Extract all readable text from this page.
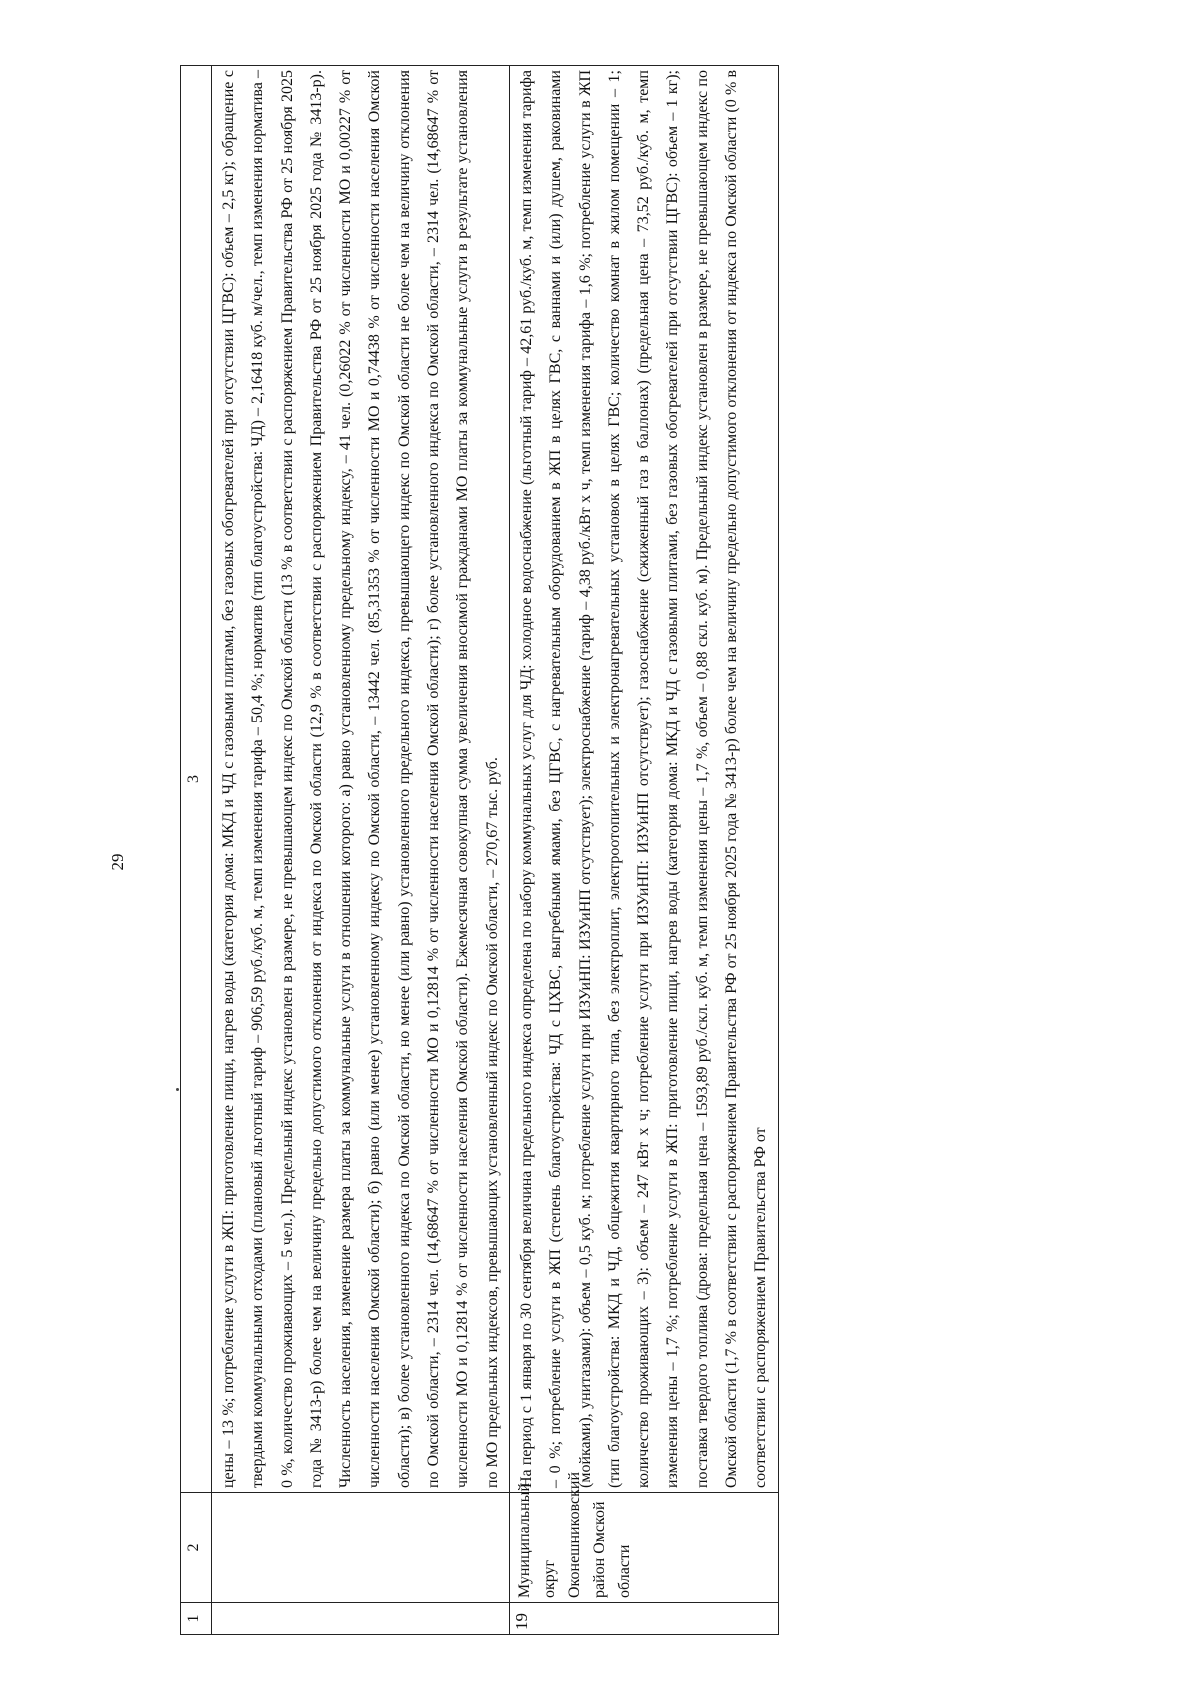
29
1	2	3

		цены – 13 %; потребление услуги в ЖП: приготовление пищи, нагрев воды (категория дома: МКД и ЧД с газовыми плитами, без газовых обогревателей при отсутствии ЦГВС): объем – 2,5 кг); обращение с твердыми коммунальными отходами (плановый льготный тариф – 906,59 руб./куб. м, темп изменения тарифа – 50,4 %; норматив (тип благоустройства: ЧД) – 2,16418 куб. м/чел., темп изменения норматива – 0 %, количество проживающих – 5 чел.). Предельный индекс установлен в размере, не превышающем индекс по Омской области (13 % в соответствии с распоряжением Правительства РФ от 25 ноября 2025 года № 3413-р) более чем на величину предельно допустимого отклонения от индекса по Омской области (12,9 % в соответствии с распоряжением Правительства РФ от 25 ноября 2025 года № 3413-р). Численность населения, изменение размера платы за коммунальные услуги в отношении которого: а) равно установленному предельному индексу, – 41 чел. (0,26022 % от численности МО и 0,00227 % от численности населения Омской области); б) равно (или менее) установленному индексу по Омской области, – 13442 чел. (85,31353 % от численности МО и 0,74438 % от численности населения Омской области); в) более установленного индекса по Омской области, но менее (или равно) установленного предельного индекса, превышающего индекс по Омской области не более чем на величину отклонения по Омской области, – 2314 чел. (14,68647 % от численности МО и 0,12814 % от численности населения Омской области); г) более установленного индекса по Омской области, – 2314 чел. (14,68647 % от численности МО и 0,12814 % от численности населения Омской области). Ежемесячная совокупная сумма увеличения вносимой гражданами МО платы за коммунальные услуги в результате установления по МО предельных индексов, превышающих установленный индекс по Омской области, – 270,67 тыс. руб.

19	Муниципальный округ Оконешниковский район Омской области	На период с 1 января по 30 сентября величина предельного индекса определена по набору коммунальных услуг для ЧД: холодное водоснабжение (льготный тариф – 42,61 руб./куб. м, темп изменения тарифа – 0 %; потребление услуги в ЖП (степень благоустройства: ЧД с ЦХВС, выгребными ямами, без ЦГВС, с нагревательным оборудованием в ЖП в целях ГВС, с ваннами и (или) душем, раковинами (мойками), унитазами): объем – 0,5 куб. м; потребление услуги при ИЗУиНП: ИЗУиНП отсутствует); электроснабжение (тариф – 4,38 руб./кВт х ч, темп изменения тарифа – 1,6 %; потребление услуги в ЖП (тип благоустройства: МКД и ЧД, общежития квартирного типа, без электроплит, электроотопительных и электронагревательных установок в целях ГВС; количество комнат в жилом помещении – 1; количество проживающих – 3): объем – 247 кВт х ч; потребление услуги при ИЗУиНП: ИЗУиНП отсутствует); газоснабжение (сжиженный газ в баллонах) (предельная цена – 73,52 руб./куб. м, темп изменения цены – 1,7 %; потребление услуги в ЖП: приготовление пищи, нагрев воды (категория дома: МКД и ЧД с газовыми плитами, без газовых обогревателей при отсутствии ЦГВС): объем – 1 кг); поставка твердого топлива (дрова: предельная цена – 1593,89 руб./скл. куб. м, темп изменения цены – 1,7 %, объем – 0,88 скл. куб. м). Предельный индекс установлен в размере, не превышающем индекс по Омской области (1,7 % в соответствии с распоряжением Правительства РФ от 25 ноября 2025 года № 3413-р) более чем на величину предельно допустимого отклонения от индекса по Омской области (0 % в соответствии с распоряжением Правительства РФ от
